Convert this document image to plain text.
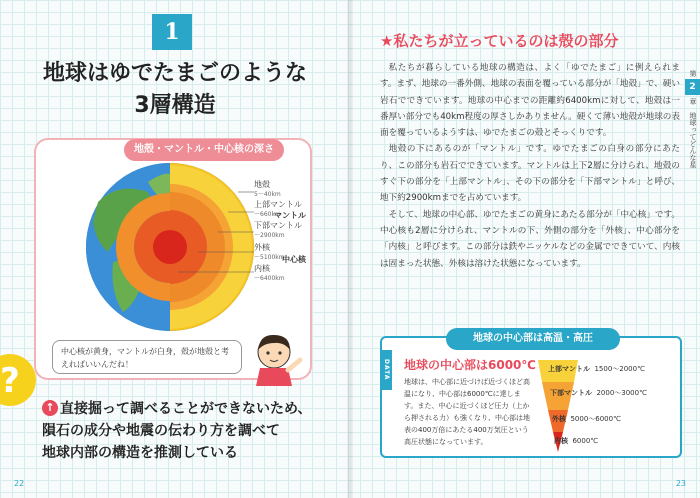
1
地球はゆでたまごのような
3層構造
地殻・マントル・中心核の深さ
地殻
5～40km
上部マントル
～660km
下部マントル
～2900km
マントル
外核
～5100km
内核
～6400km
中心核
中心核が黄身，マントルが白身，殻が地殻と考えればいいんだね！
?
↑ 直接掘って調べることができないため、
隕石の成分や地震の伝わり方を調べて
地球内部の構造を推測している
22
★私たちが立っているのは殻の部分

私たちが暮らしている地球の構造は、よく「ゆでたまご」に例えられます。まず、地球の一番外側、地球の表面を覆っている部分が「地殻」で、硬い岩石でできています。地球の中心までの距離約6400kmに対して、地殻は一番厚い部分でも40km程度の厚さしかありません。硬くて薄い地殻が地球の表面を覆っているようすは、ゆでたまごの殻とそっくりです。

地殻の下にあるのが「マントル」です。ゆでたまごの白身の部分にあたり、この部分も岩石でできています。マントルは上下2層に分けられ、地殻のすぐ下の部分を「上部マントル」、その下の部分を「下部マントル」と呼び、地下約2900kmまでを占めています。

そして、地球の中心部、ゆでたまごの黄身にあたる部分が「中心核」です。中心核も2層に分けられ、マントルの下、外側の部分を「外核」、中心部分を「内核」と呼びます。この部分は鉄やニッケルなどの金属でできていて、内核は固まった状態、外核は溶けた状態になっています。

第
2
章　地球ってどんな星
地球の中心部は高温・高圧
DATA 地球の中心部は6000℃
地球は、中心部に近づけば近づくほど高温になり、中心部は6000℃に達します。また、中心に近づくほど圧力（上から押される力）も強くなり、中心部は地表の400万倍にあたる400万気圧という高圧状態になっています。
上部マントル 1500～2000℃
下部マントル 2000～3000℃
外核 5000～6000℃
内核 6000℃
23
